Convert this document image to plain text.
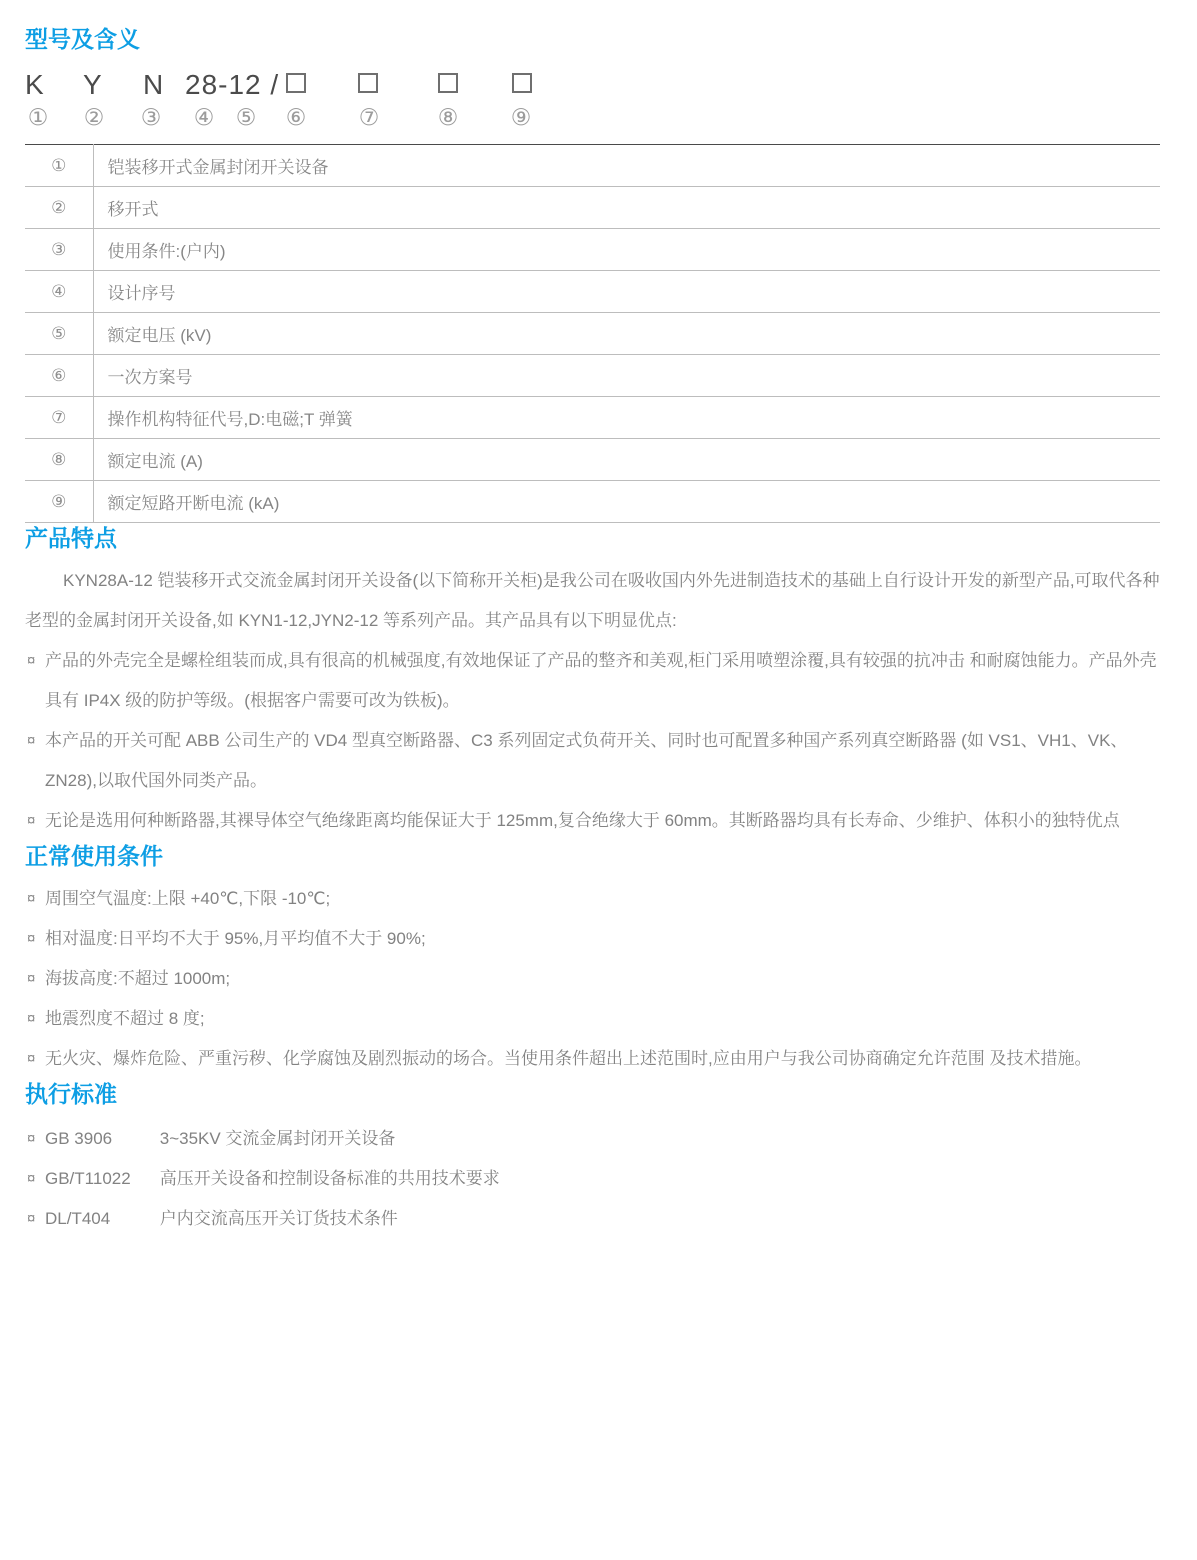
型号及含义
K Y N 28-12 /
① ② ③ ④ ⑤ ⑥ ⑦	⑧ ⑨
①	铠装移开式金属封闭开关设备
②	移开式
③	使用条件:(户内)
④	设计序号
⑤	额定电压 (kV)
⑥	一次方案号
⑦	操作机构特征代号,D:电磁;T 弹簧
⑧	额定电流 (A)
⑨	额定短路开断电流 (kA)
产品特点

KYN28A-12 铠装移开式交流金属封闭开关设备(以下简称开关柜)是我公司在吸收国内外先进制造技术的基础上自行设计开发的新型产品,可取代各种老型的金属封闭开关设备,如 KYN1-12,JYN2-12 等系列产品。其产品具有以下明显优点:

¤ 产品的外壳完全是螺栓组装而成,具有很高的机械强度,有效地保证了产品的整齐和美观,柜门采用喷塑涂覆,具有较强的抗冲击 和耐腐蚀能力。产品外壳具有 IP4X 级的防护等级。(根据客户需要可改为铁板)。
¤ 本产品的开关可配 ABB 公司生产的 VD4 型真空断路器、C3 系列固定式负荷开关、同时也可配置多种国产系列真空断路器 (如 VS1、VH1、VK、ZN28),以取代国外同类产品。
¤ 无论是选用何种断路器,其裸导体空气绝缘距离均能保证大于 125mm,复合绝缘大于 60mm。其断路器均具有长寿命、少维护、体积小的独特优点
正常使用条件
¤ 周围空气温度:上限 +40℃,下限 -10℃;
¤ 相对温度:日平均不大于 95%,月平均值不大于 90%;
¤ 海拔高度:不超过 1000m;
¤ 地震烈度不超过 8 度;
¤ 无火灾、爆炸危险、严重污秽、化学腐蚀及剧烈振动的场合。当使用条件超出上述范围时,应由用户与我公司协商确定允许范围 及技术措施。
执行标准
¤ GB 3906	3~35KV 交流金属封闭开关设备
¤ GB/T11022 高压开关设备和控制设备标准的共用技术要求
¤ DL/T404	户内交流高压开关订货技术条件
